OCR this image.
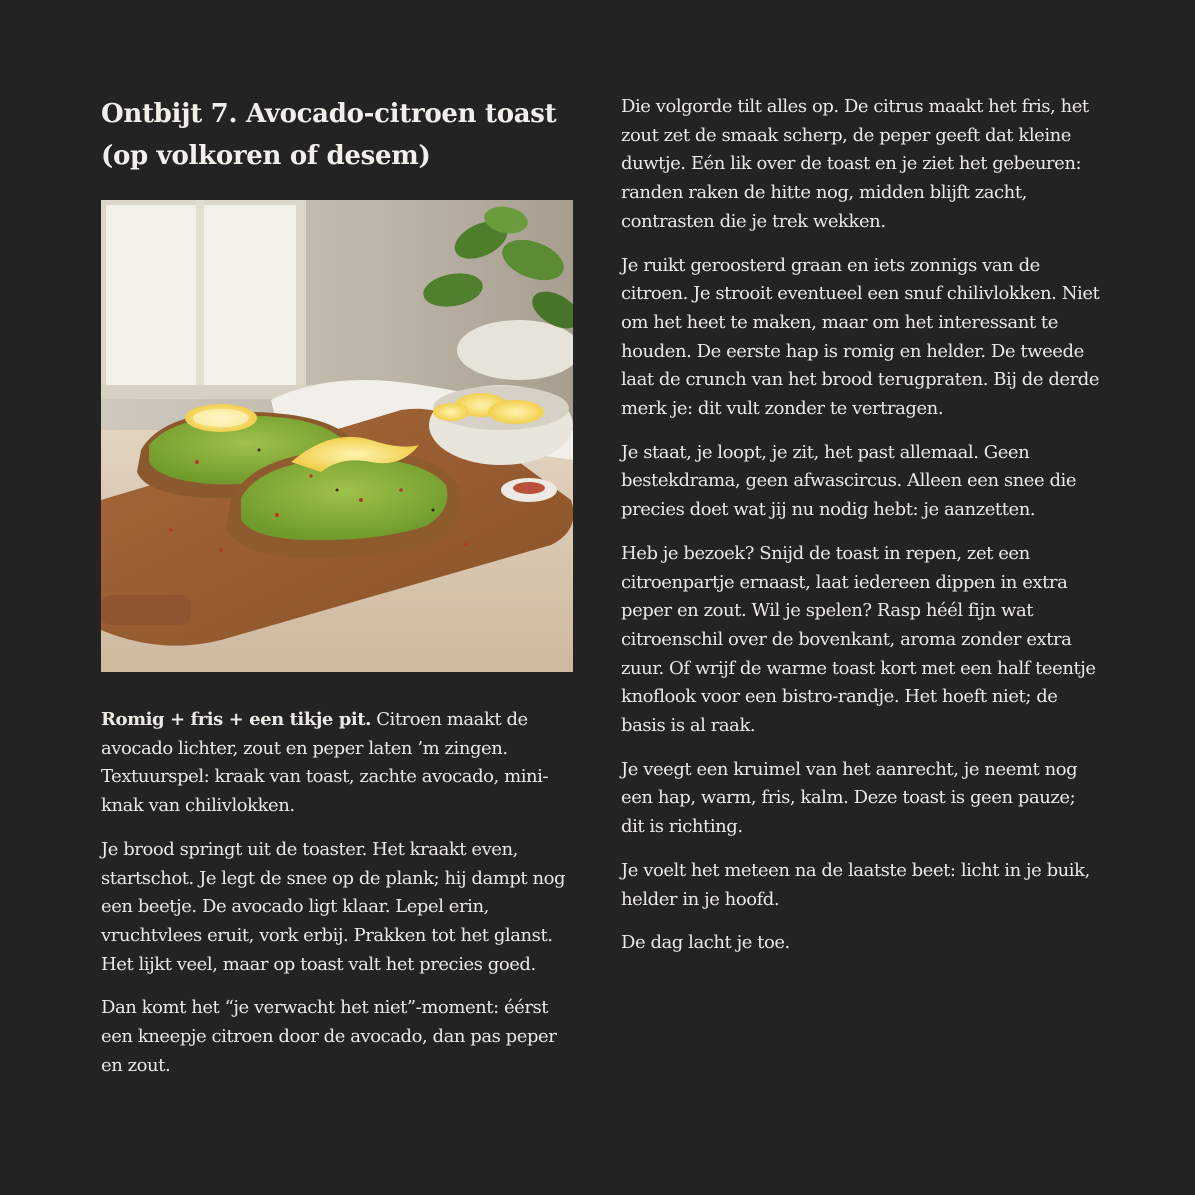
Ontbijt 7. Avocado-citroen toast (op volkoren of desem)

Romig + fris + een tikje pit. Citroen maakt de avocado lichter, zout en peper laten ’m zingen. Textuurspel: kraak van toast, zachte avocado, mini-knak van chilivlokken.

Je brood springt uit de toaster. Het kraakt even, startschot. Je legt de snee op de plank; hij dampt nog een beetje. De avocado ligt klaar. Lepel erin, vruchtvlees eruit, vork erbij. Prakken tot het glanst. Het lijkt veel, maar op toast valt het precies goed.

Dan komt het “je verwacht het niet”-moment: éérst een kneepje citroen door de avocado, dan pas peper en zout.

Die volgorde tilt alles op. De citrus maakt het fris, het zout zet de smaak scherp, de peper geeft dat kleine duwtje. Eén lik over de toast en je ziet het gebeuren: randen raken de hitte nog, midden blijft zacht, contrasten die je trek wekken.

Je ruikt geroosterd graan en iets zonnigs van de citroen. Je strooit eventueel een snuf chilivlokken. Niet om het heet te maken, maar om het interessant te houden. De eerste hap is romig en helder. De tweede laat de crunch van het brood terugpraten. Bij de derde merk je: dit vult zonder te vertragen.

Je staat, je loopt, je zit, het past allemaal. Geen bestekdrama, geen afwascircus. Alleen een snee die precies doet wat jij nu nodig hebt: je aanzetten.

Heb je bezoek? Snijd de toast in repen, zet een citroenpartje ernaast, laat iedereen dippen in extra peper en zout. Wil je spelen? Rasp héél fijn wat citroenschil over de bovenkant, aroma zonder extra zuur. Of wrijf de warme toast kort met een half teentje knoflook voor een bistro-randje. Het hoeft niet; de basis is al raak.

Je veegt een kruimel van het aanrecht, je neemt nog een hap, warm, fris, kalm. Deze toast is geen pauze; dit is richting.

Je voelt het meteen na de laatste beet: licht in je buik, helder in je hoofd.

De dag lacht je toe.
